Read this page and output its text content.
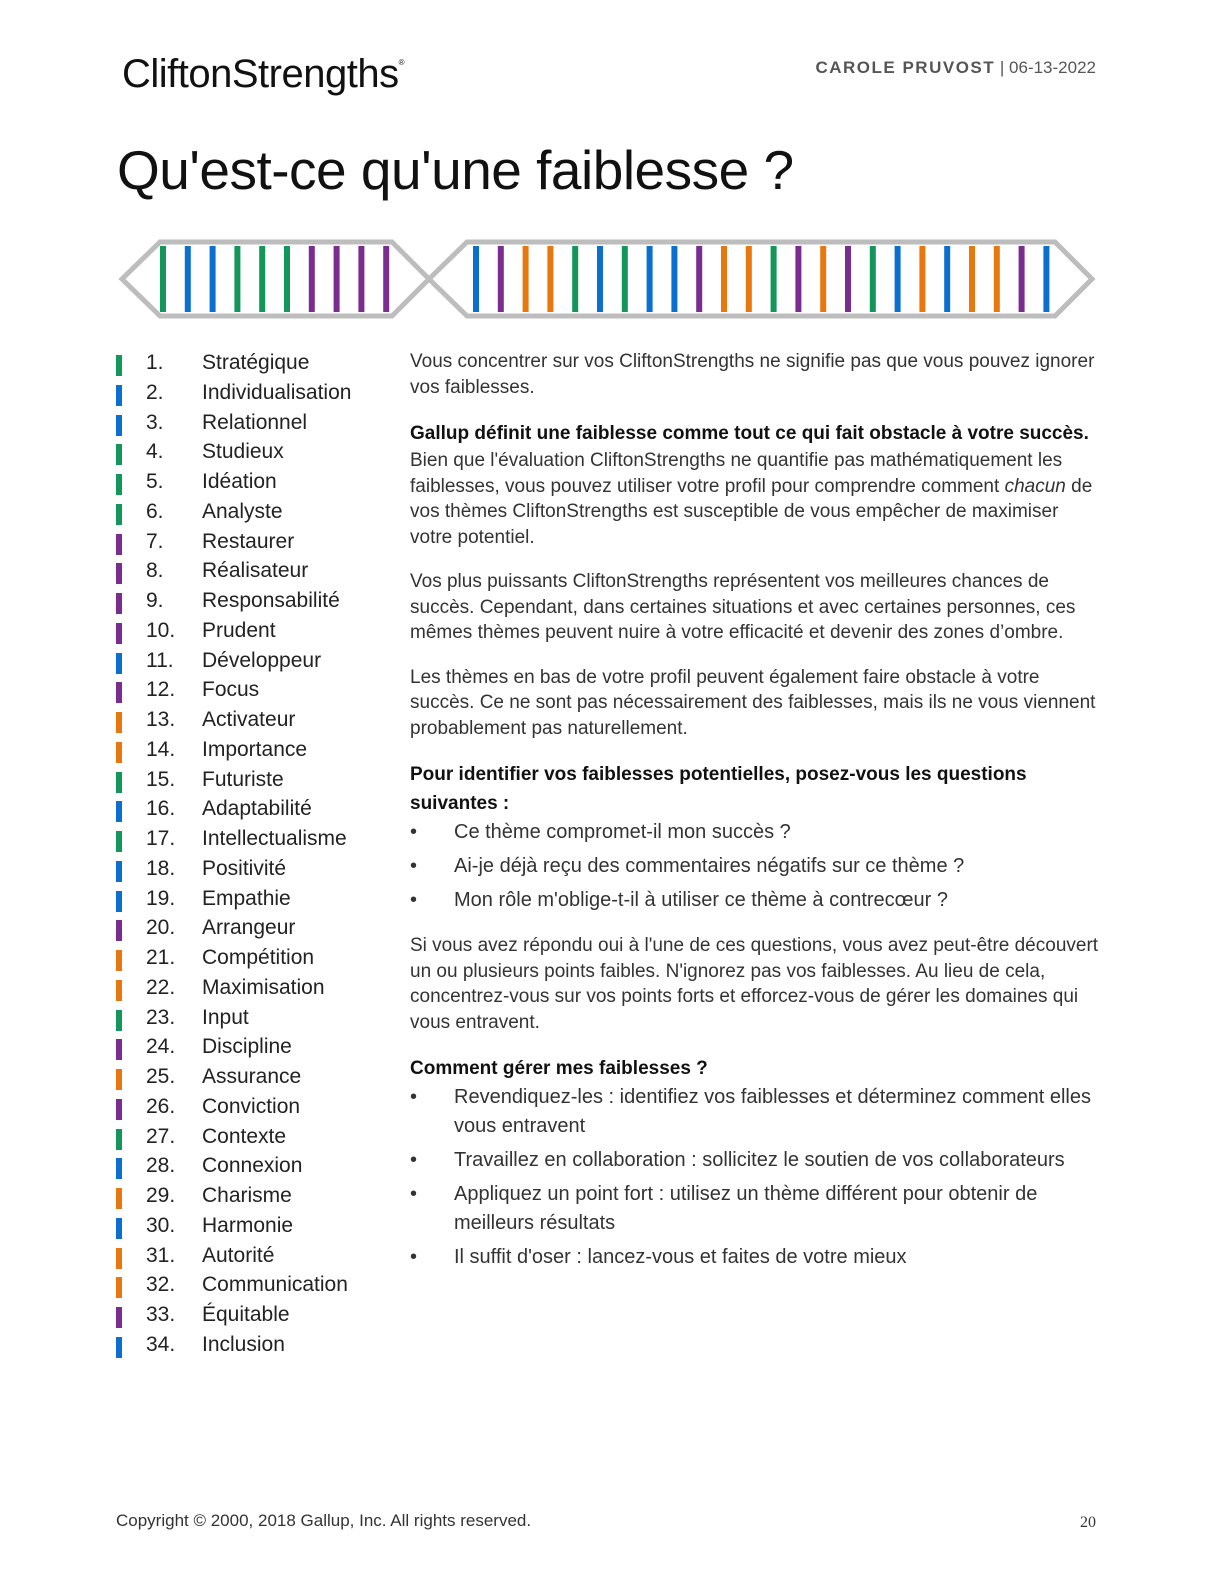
CliftonStrengths®	CAROLE PRUVOST | 06-13-2022
Qu'est-ce qu'une faiblesse ?
1. Stratégique
2. Individualisation
3. Relationnel
4. Studieux
5. Idéation
6. Analyste
7. Restaurer
8. Réalisateur
9. Responsabilité
10. Prudent
11. Développeur
12. Focus
13. Activateur
14. Importance
15. Futuriste
16. Adaptabilité
17. Intellectualisme
18. Positivité
19. Empathie
20. Arrangeur
21. Compétition
22. Maximisation
23. Input
24. Discipline
25. Assurance
26. Conviction
27. Contexte
28. Connexion
29. Charisme
30. Harmonie
31. Autorité
32. Communication
33. Équitable
34. Inclusion

Vous concentrer sur vos CliftonStrengths ne signifie pas que vous pouvez ignorer vos faiblesses.

Gallup définit une faiblesse comme tout ce qui fait obstacle à votre succès.

Bien que l'évaluation CliftonStrengths ne quantifie pas mathématiquement les faiblesses, vous pouvez utiliser votre profil pour comprendre comment chacun de vos thèmes CliftonStrengths est susceptible de vous empêcher de maximiser votre potentiel.

Vos plus puissants CliftonStrengths représentent vos meilleures chances de succès. Cependant, dans certaines situations et avec certaines personnes, ces mêmes thèmes peuvent nuire à votre efficacité et devenir des zones d’ombre.

Les thèmes en bas de votre profil peuvent également faire obstacle à votre succès. Ce ne sont pas nécessairement des faiblesses, mais ils ne vous viennent probablement pas naturellement.

Pour identifier vos faiblesses potentielles, posez-vous les questions suivantes :
• Ce thème compromet-il mon succès ?
• Ai-je déjà reçu des commentaires négatifs sur ce thème ?
• Mon rôle m'oblige-t-il à utiliser ce thème à contrecœur ?

Si vous avez répondu oui à l'une de ces questions, vous avez peut-être découvert un ou plusieurs points faibles. N'ignorez pas vos faiblesses. Au lieu de cela, concentrez-vous sur vos points forts et efforcez-vous de gérer les domaines qui vous entravent.

Comment gérer mes faiblesses ?
• Revendiquez-les : identifiez vos faiblesses et déterminez comment elles vous entravent
• Travaillez en collaboration : sollicitez le soutien de vos collaborateurs
• Appliquez un point fort : utilisez un thème différent pour obtenir de meilleurs résultats
• Il suffit d'oser : lancez-vous et faites de votre mieux
Copyright © 2000, 2018 Gallup, Inc. All rights reserved.	20
